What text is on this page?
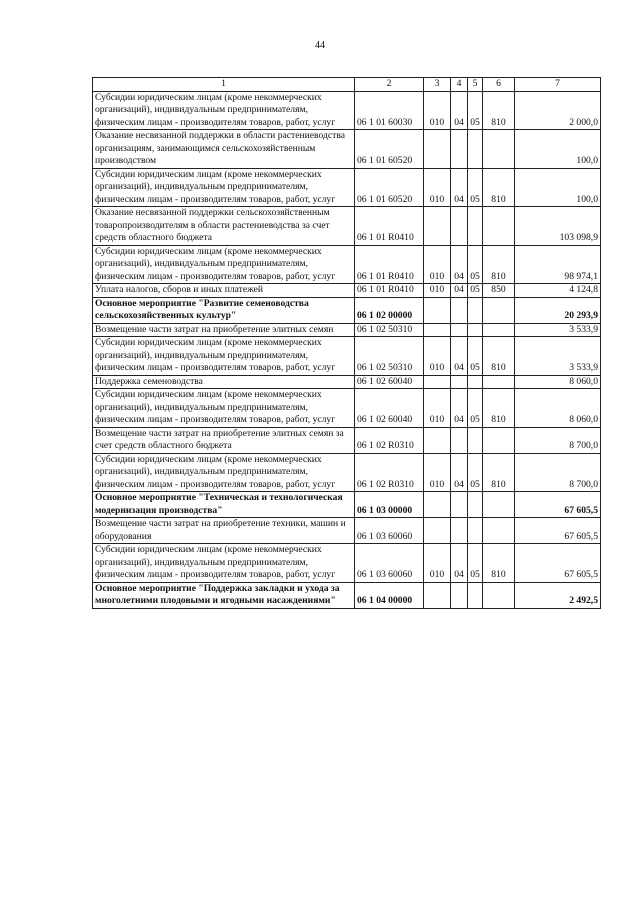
44
1	2	3	4	5	6	7
Субсидии юридическим лицам (кроме некоммерческих организаций), индивидуальным предпринимателям, физическим лицам - производителям товаров, работ, услуг	06 1 01 60030	010	04	05	810	2 000,0
Оказание несвязанной поддержки в области растениеводства организациям, занимающимся сельскохозяйственным производством	06 1 01 60520					100,0
Субсидии юридическим лицам (кроме некоммерческих организаций), индивидуальным предпринимателям, физическим лицам - производителям товаров, работ, услуг	06 1 01 60520	010	04	05	810	100,0
Оказание несвязанной поддержки сельскохозяйственным товаропроизводителям в области растениеводства за счет средств областного бюджета	06 1 01 R0410					103 098,9
Субсидии юридическим лицам (кроме некоммерческих организаций), индивидуальным предпринимателям, физическим лицам - производителям товаров, работ, услуг	06 1 01 R0410	010	04	05	810	98 974,1
Уплата налогов, сборов и иных платежей	06 1 01 R0410	010	04	05	850	4 124,8
Основное мероприятие "Развитие семеноводства сельскохозяйственных культур"	06 1 02 00000					20 293,9
Возмещение части затрат на приобретение элитных семян	06 1 02 50310					3 533,9
Субсидии юридическим лицам (кроме некоммерческих организаций), индивидуальным предпринимателям, физическим лицам - производителям товаров, работ, услуг	06 1 02 50310	010	04	05	810	3 533,9
Поддержка семеноводства	06 1 02 60040					8 060,0
Субсидии юридическим лицам (кроме некоммерческих организаций), индивидуальным предпринимателям, физическим лицам - производителям товаров, работ, услуг	06 1 02 60040	010	04	05	810	8 060,0
Возмещение части затрат на приобретение элитных семян за счет средств областного бюджета	06 1 02 R0310					8 700,0
Субсидии юридическим лицам (кроме некоммерческих организаций), индивидуальным предпринимателям, физическим лицам - производителям товаров, работ, услуг	06 1 02 R0310	010	04	05	810	8 700,0
Основное мероприятие "Техническая и технологическая модернизация производства"	06 1 03 00000					67 605,5
Возмещение части затрат на приобретение техники, машин и оборудования	06 1 03 60060					67 605,5
Субсидии юридическим лицам (кроме некоммерческих организаций), индивидуальным предпринимателям, физическим лицам - производителям товаров, работ, услуг	06 1 03 60060	010	04	05	810	67 605,5
Основное мероприятие "Поддержка закладки и ухода за многолетними плодовыми и ягодными насаждениями"	06 1 04 00000					2 492,5
